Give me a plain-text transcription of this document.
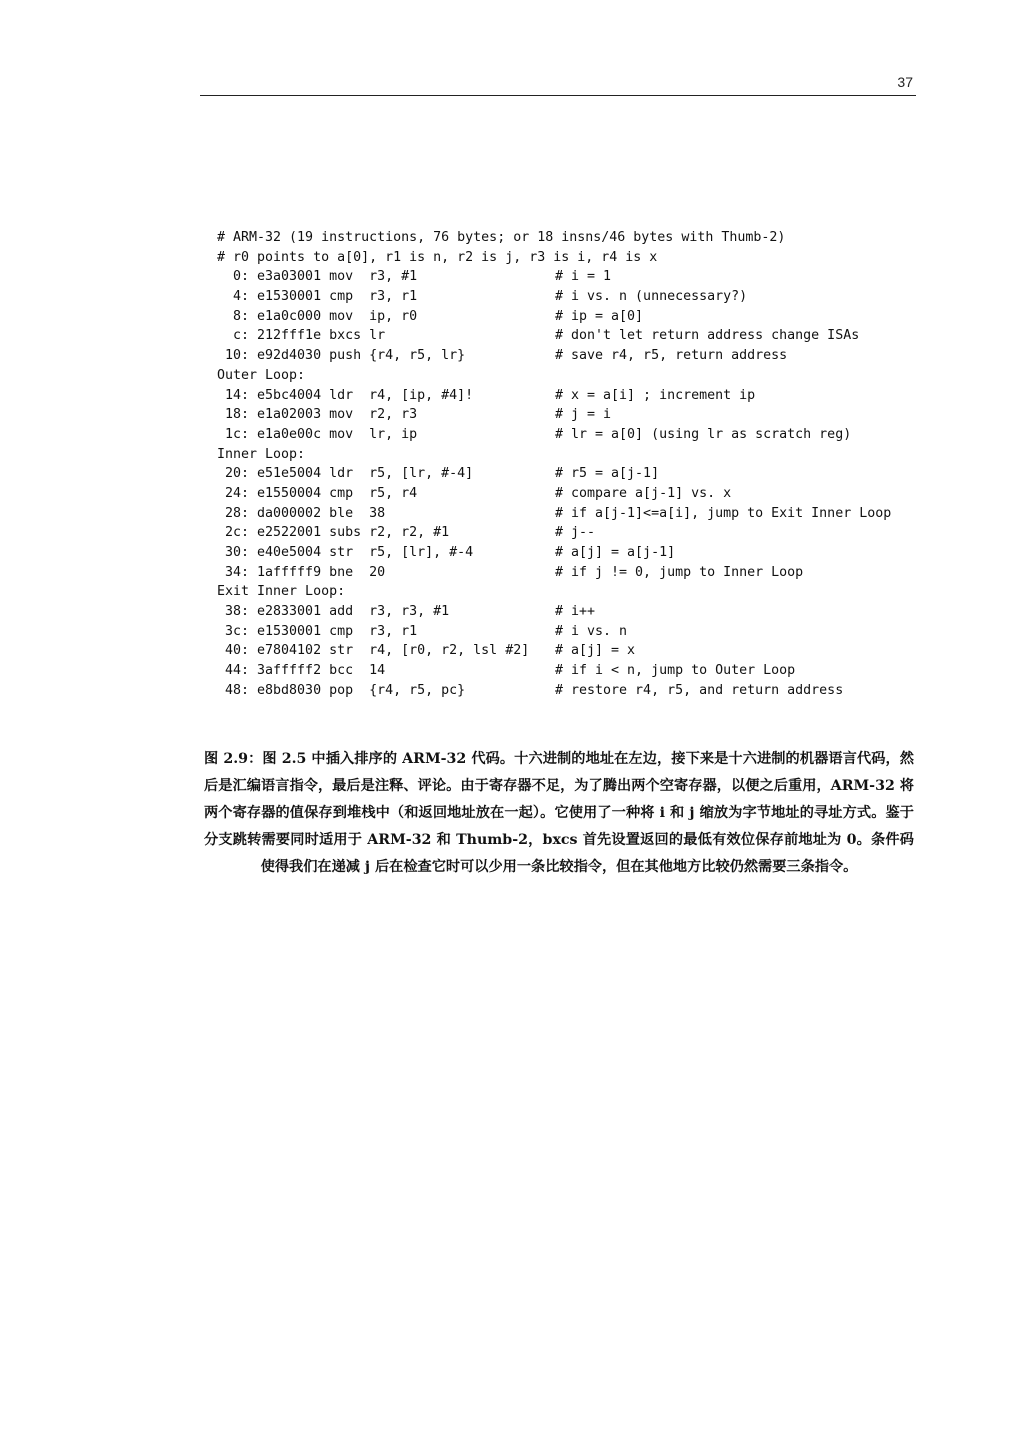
37
# ARM-32 (19 instructions, 76 bytes; or 18 insns/46 bytes with Thumb-2)
# r0 points to a[0], r1 is n, r2 is j, r3 is i, r4 is x
0: e3a03001 mov  r3, #1	# i = 1
4: e1530001 cmp  r3, r1	# i vs. n (unnecessary?)
8: e1a0c000 mov  ip, r0	# ip = a[0]
c: 212fff1e bxcs lr	# don't let return address change ISAs
10: e92d4030 push {r4, r5, lr}	# save r4, r5, return address
Outer Loop:
14: e5bc4004 ldr  r4, [ip, #4]!	# x = a[i] ; increment ip
18: e1a02003 mov  r2, r3	# j = i
1c: e1a0e00c mov  lr, ip	# lr = a[0] (using lr as scratch reg)
Inner Loop:
20: e51e5004 ldr  r5, [lr, #-4]	# r5 = a[j-1]
24: e1550004 cmp  r5, r4	# compare a[j-1] vs. x
28: da000002 ble  38	# if a[j-1]<=a[i], jump to Exit Inner Loop
2c: e2522001 subs r2, r2, #1	# j--
30: e40e5004 str  r5, [lr], #-4	# a[j] = a[j-1]
34: 1afffff9 bne  20	# if j != 0, jump to Inner Loop
Exit Inner Loop:
38: e2833001 add  r3, r3, #1	# i++
3c: e1530001 cmp  r3, r1	# i vs. n
40: e7804102 str  r4, [r0, r2, lsl #2] # a[j] = x
44: 3afffff2 bcc  14	# if i < n, jump to Outer Loop
48: e8bd8030 pop  {r4, r5, pc}	# restore r4, r5, and return address
图 2.9：图 2.5 中插入排序的 ARM-32 代码。十六进制的地址在左边，接下来是十六进制的机器语言代码，然后是汇编语言指令，最后是注释、评论。由于寄存器不足，为了腾出两个空寄存器，以便之后重用，ARM-32 将两个寄存器的值保存到堆栈中（和返回地址放在一起）。它使用了一种将 i 和 j 缩放为字节地址的寻址方式。鉴于分支跳转需要同时适用于 ARM-32 和 Thumb-2，bxcs 首先设置返回的最低有效位保存前地址为 0。条件码使得我们在递减 j 后在检查它时可以少用一条比较指令，但在其他地方比较仍然需要三条指令。
